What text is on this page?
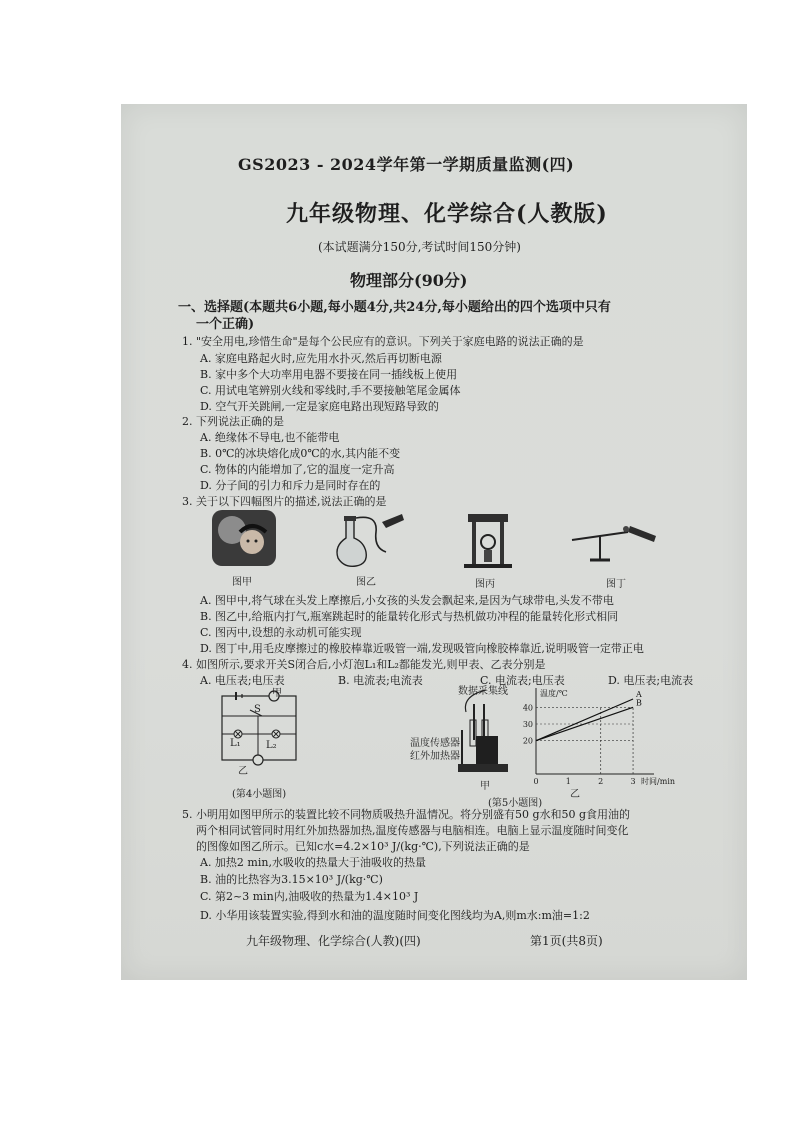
GS2023 - 2024学年第一学期质量监测(四)
九年级物理、化学综合(人教版)
(本试题满分150分,考试时间150分钟)
物理部分(90分)
一、选择题(本题共6小题,每小题4分,共24分,每小题给出的四个选项中只有
一个正确)
1. "安全用电,珍惜生命"是每个公民应有的意识。下列关于家庭电路的说法正确的是
A. 家庭电路起火时,应先用水扑灭,然后再切断电源
B. 家中多个大功率用电器不要接在同一插线板上使用
C. 用试电笔辨别火线和零线时,手不要接触笔尾金属体
D. 空气开关跳闸,一定是家庭电路出现短路导致的
2. 下列说法正确的是
A. 绝缘体不导电,也不能带电
B. 0℃的冰块熔化成0℃的水,其内能不变
C. 物体的内能增加了,它的温度一定升高
D. 分子间的引力和斥力是同时存在的
3. 关于以下四幅图片的描述,说法正确的是
图甲	图乙	图丙	图丁
A. 图甲中,将气球在头发上摩擦后,小女孩的头发会飘起来,是因为气球带电,头发不带电
B. 图乙中,给瓶内打气,瓶塞跳起时的能量转化形式与热机做功冲程的能量转化形式相同
C. 图丙中,设想的永动机可能实现
D. 图丁中,用毛皮摩擦过的橡胶棒靠近吸管一端,发现吸管向橡胶棒靠近,说明吸管一定带正电
4. 如图所示,要求开关S闭合后,小灯泡L₁和L₂都能发光,则甲表、乙表分别是
A. 电压表;电压表	B. 电流表;电流表	C. 电流表;电压表	D. 电压表;电流表
甲
S
L₁	L₂
乙
(第4小题图)
数据采集线
温度传感器
红外加热器
甲	0	1	2	3
20
30
40
A
B
温度/℃
时间/min
乙
(第5小题图)
5. 小明用如图甲所示的装置比较不同物质吸热升温情况。将分别盛有50 g水和50 g食用油的
两个相同试管同时用红外加热器加热,温度传感器与电脑相连。电脑上显示温度随时间变化
的图像如图乙所示。已知c水=4.2×10³ J/(kg·℃),下列说法正确的是
A. 加热2 min,水吸收的热量大于油吸收的热量
B. 油的比热容为3.15×10³ J/(kg·℃)
C. 第2~3 min内,油吸收的热量为1.4×10³ J
D. 小华用该装置实验,得到水和油的温度随时间变化图线均为A,则m水:m油=1:2
九年级物理、化学综合(人教)(四)	第1页(共8页)
